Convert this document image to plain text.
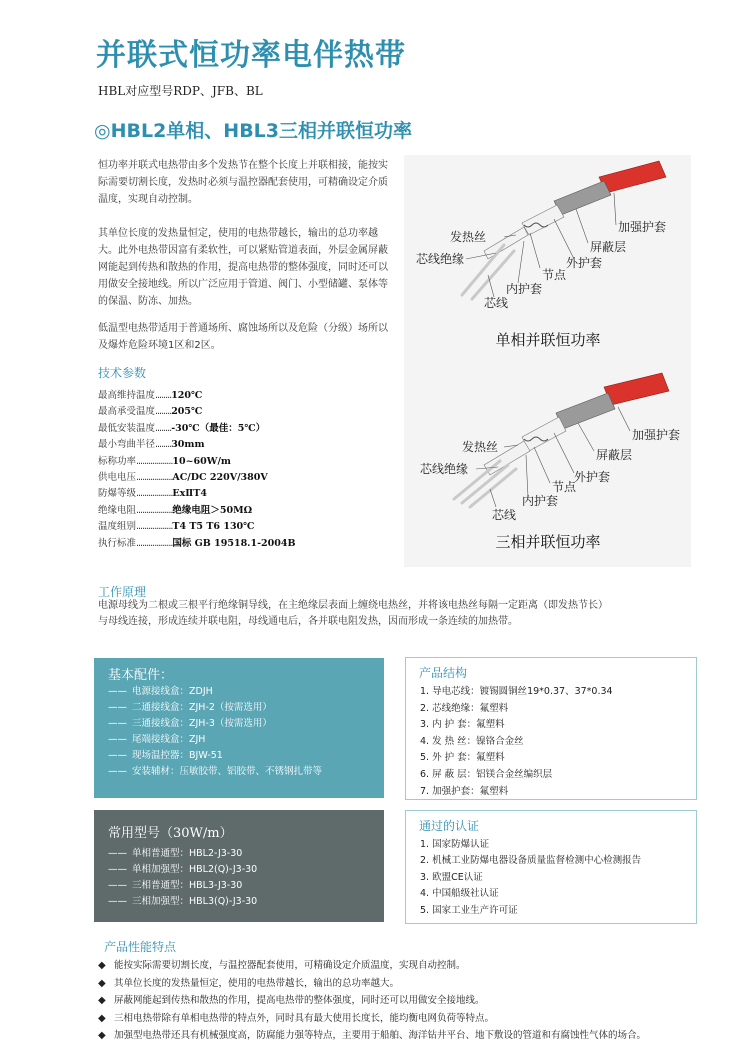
并联式恒功率电伴热带
HBL对应型号RDP、JFB、BL
◎HBL2单相、HBL3三相并联恒功率
恒功率并联式电热带由多个发热节在整个长度上并联相接，能按实际需要切割长度，发热时必须与温控器配套使用，可精确设定介质温度，实现自动控制。
其单位长度的发热量恒定，使用的电热带越长，输出的总功率越大。此外电热带因富有柔软性，可以紧贴管道表面，外层金属屏蔽网能起到传热和散热的作用，提高电热带的整体强度，同时还可以用做安全接地线。所以广泛应用于管道、阀门、小型储罐、泵体等的保温、防冻、加热。
低温型电热带适用于普通场所、腐蚀场所以及危险（分级）场所以及爆炸危险环境1区和2区。
技术参数
最高维持温度........120℃
最高承受温度........205℃
最低安装温度........-30℃（最佳：5℃）
最小弯曲半径........30mm
标称功率..................10~60W/m
供电电压..................AC/DC 220V/380V
防爆等级..................ExⅡT4
绝缘电阻..................绝缘电阻＞50MΩ
温度组别..................T4 T5 T6 130℃
执行标准..................国标 GB 19518.1-2004B
加强护套
发热丝
屏蔽层
芯线绝缘	外护套
节点
内护套
芯线
单相并联恒功率
加强护套
发热丝
屏蔽层
芯线绝缘
外护套
节点
内护套
芯线
三相并联恒功率
工作原理
电源母线为二根或三根平行绝缘铜导线，在主绝缘层表面上缠绕电热丝，并将该电热丝每隔一定距离（即发热节长）
与母线连接，形成连续并联电阻，母线通电后，各并联电阻发热，因而形成一条连续的加热带。
基本配件：
—— 电源接线盒：ZDJH
—— 二通接线盒：ZJH-2（按需选用）
—— 三通接线盒：ZJH-3（按需选用）
—— 尾端接线盒：ZJH
—— 现场温控器：BJW-51
—— 安装辅材：压敏胶带、铝胶带、不锈钢扎带等
产品结构
1. 导电芯线：镀锡圆铜丝19*0.37、37*0.34
2. 芯线绝缘：氟塑料
3. 内 护 套：氟塑料
4. 发 热 丝：镍铬合金丝
5. 外 护 套：氟塑料
6. 屏 蔽 层：铝镁合金丝编织层
7. 加强护套：氟塑料
常用型号（30W/m）
—— 单相普通型：HBL2-J3-30
—— 单相加强型：HBL2(Q)-J3-30
—— 三相普通型：HBL3-J3-30
—— 三相加强型：HBL3(Q)-J3-30
通过的认证
1. 国家防爆认证
2. 机械工业防爆电器设备质量监督检测中心检测报告
3. 欧盟CE认证
4. 中国船级社认证
5. 国家工业生产许可证
产品性能特点
◆ 能按实际需要切割长度，与温控器配套使用，可精确设定介质温度，实现自动控制。
◆ 其单位长度的发热量恒定，使用的电热带越长，输出的总功率越大。
◆ 屏蔽网能起到传热和散热的作用，提高电热带的整体强度，同时还可以用做安全接地线。
◆ 三相电热带除有单相电热带的特点外，同时具有最大使用长度长，能均衡电网负荷等特点。
◆ 加强型电热带还具有机械强度高，防腐能力强等特点，主要用于船舶、海洋钻井平台、地下敷设的管道和有腐蚀性气体的场合。
